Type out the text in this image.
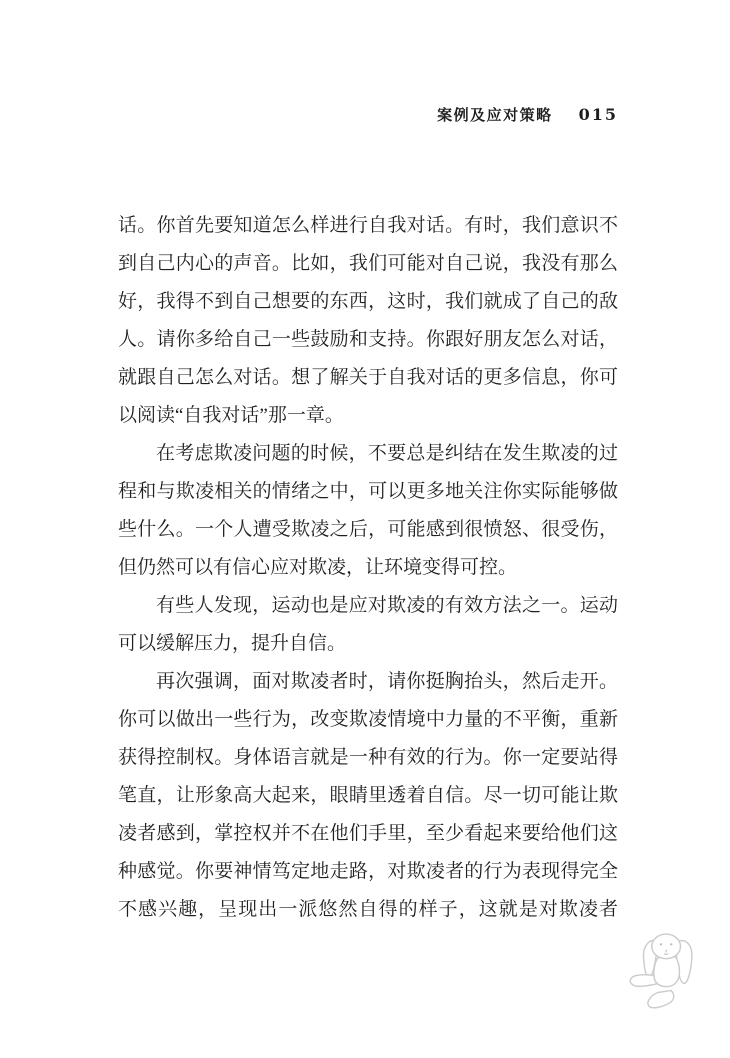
案例及应对策略 015

话。你首先要知道怎么样进行自我对话。有时，我们意识不到自己内心的声音。比如，我们可能对自己说，我没有那么好，我得不到自己想要的东西，这时，我们就成了自己的敌人。请你多给自己一些鼓励和支持。你跟好朋友怎么对话，就跟自己怎么对话。想了解关于自我对话的更多信息，你可以阅读“自我对话”那一章。

在考虑欺凌问题的时候，不要总是纠结在发生欺凌的过程和与欺凌相关的情绪之中，可以更多地关注你实际能够做些什么。一个人遭受欺凌之后，可能感到很愤怒、很受伤，但仍然可以有信心应对欺凌，让环境变得可控。

有些人发现，运动也是应对欺凌的有效方法之一。运动可以缓解压力，提升自信。

再次强调，面对欺凌者时，请你挺胸抬头，然后走开。你可以做出一些行为，改变欺凌情境中力量的不平衡，重新获得控制权。身体语言就是一种有效的行为。你一定要站得笔直，让形象高大起来，眼睛里透着自信。尽一切可能让欺凌者感到，掌控权并不在他们手里，至少看起来要给他们这种感觉。你要神情笃定地走路，对欺凌者的行为表现得完全不感兴趣，呈现出一派悠然自得的样子，这就是对欺凌者
